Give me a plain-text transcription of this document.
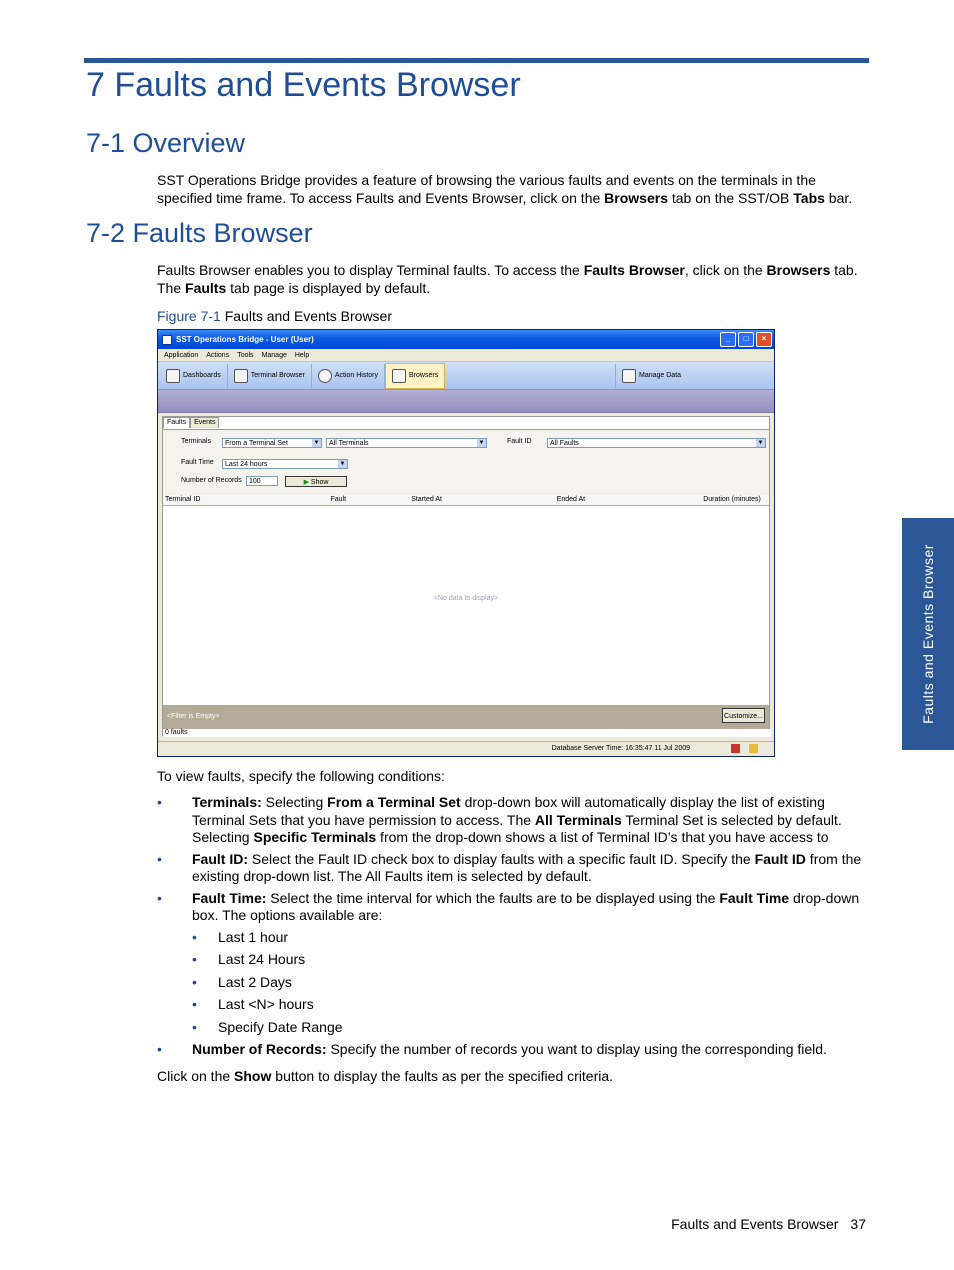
7 Faults and Events Browser
7-1 Overview
SST Operations Bridge provides a feature of browsing the various faults and events on the terminals in the specified time frame. To access Faults and Events Browser, click on the Browsers tab on the SST/OB Tabs bar.
7-2 Faults Browser
Faults Browser enables you to display Terminal faults. To access the Faults Browser, click on the Browsers tab. The Faults tab page is displayed by default.
Figure 7-1 Faults and Events Browser
SST Operations Bridge - User (User)	_	□	×
Application Actions Tools Manage Help
Dashboards	Terminal Browser	Action History	Browsers	Manage Data
Faults	Events
Terminals	From a Terminal Set	▼	All Terminals	▼	Fault ID	All Faults	▼
Fault Time	Last 24 hours	▼
Number of Records	100	▶ Show
Terminal ID	Fault	Started At	Ended At	Duration (minutes)
<No data to display>
<Filter is Empty>	Customize...
0 faults
Database Server Time: 16:35:47 11 Jul 2009
To view faults, specify the following conditions:
• Terminals: Selecting From a Terminal Set drop-down box will automatically display the list of existing Terminal Sets that you have permission to access. The All Terminals Terminal Set is selected by default. Selecting Specific Terminals from the drop-down shows a list of Terminal ID’s that you have access to
• Fault ID: Select the Fault ID check box to display faults with a specific fault ID. Specify the Fault ID from the existing drop-down list. The All Faults item is selected by default.
• Fault Time: Select the time interval for which the faults are to be displayed using the Fault Time drop-down box. The options available are:
• Last 1 hour
• Last 24 Hours
• Last 2 Days
• Last <N> hours
• Specify Date Range
• Number of Records: Specify the number of records you want to display using the corresponding field.
Click on the Show button to display the faults as per the specified criteria.
Faults and Events Browser
Faults and Events Browser 37
